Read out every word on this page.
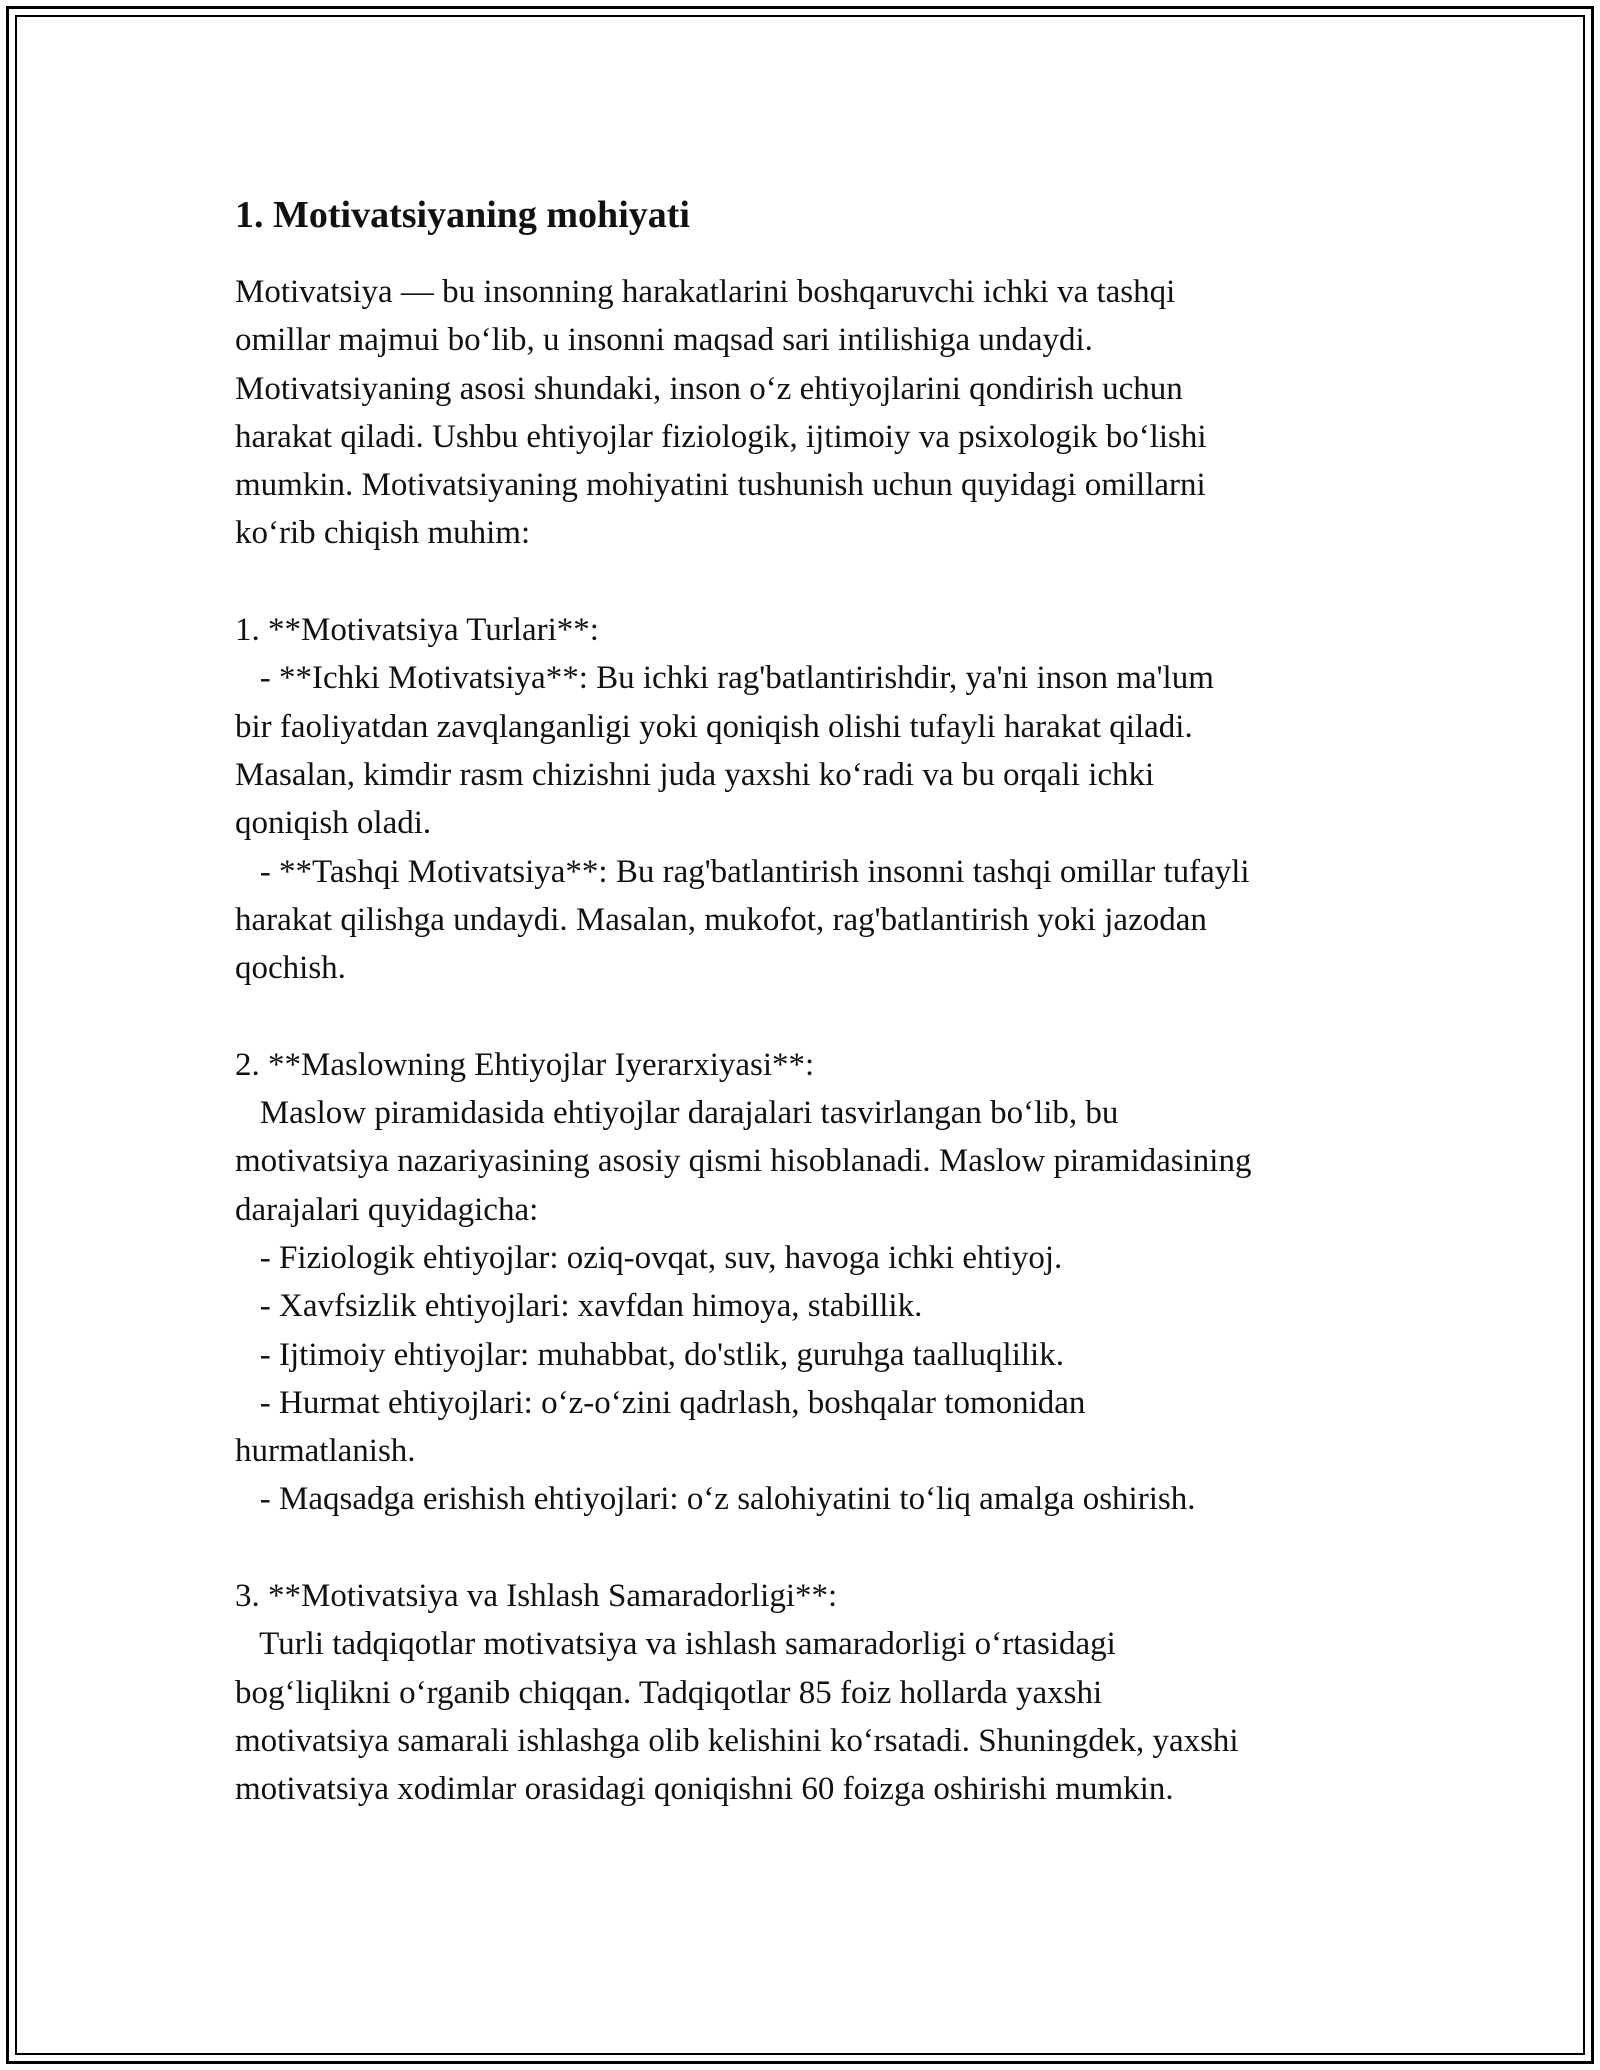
1. Motivatsiyaning mohiyati

Motivatsiya — bu insonning harakatlarini boshqaruvchi ichki va tashqi

omillar majmui boʻlib, u insonni maqsad sari intilishiga undaydi.

Motivatsiyaning asosi shundaki, inson oʻz ehtiyojlarini qondirish uchun

harakat qiladi. Ushbu ehtiyojlar fiziologik, ijtimoiy va psixologik boʻlishi

mumkin. Motivatsiyaning mohiyatini tushunish uchun quyidagi omillarni

koʻrib chiqish muhim:

1. **Motivatsiya Turlari**:

- **Ichki Motivatsiya**: Bu ichki rag'batlantirishdir, ya'ni inson ma'lum

bir faoliyatdan zavqlanganligi yoki qoniqish olishi tufayli harakat qiladi.

Masalan, kimdir rasm chizishni juda yaxshi koʻradi va bu orqali ichki

qoniqish oladi.

- **Tashqi Motivatsiya**: Bu rag'batlantirish insonni tashqi omillar tufayli

harakat qilishga undaydi. Masalan, mukofot, rag'batlantirish yoki jazodan

qochish.

2. **Maslowning Ehtiyojlar Iyerarxiyasi**:

Maslow piramidasida ehtiyojlar darajalari tasvirlangan boʻlib, bu

motivatsiya nazariyasining asosiy qismi hisoblanadi. Maslow piramidasining

darajalari quyidagicha:

- Fiziologik ehtiyojlar: oziq-ovqat, suv, havoga ichki ehtiyoj.

- Xavfsizlik ehtiyojlari: xavfdan himoya, stabillik.

- Ijtimoiy ehtiyojlar: muhabbat, do'stlik, guruhga taalluqlilik.

- Hurmat ehtiyojlari: oʻz-oʻzini qadrlash, boshqalar tomonidan

hurmatlanish.

- Maqsadga erishish ehtiyojlari: oʻz salohiyatini toʻliq amalga oshirish.

3. **Motivatsiya va Ishlash Samaradorligi**:

Turli tadqiqotlar motivatsiya va ishlash samaradorligi oʻrtasidagi

bogʻliqlikni oʻrganib chiqqan. Tadqiqotlar 85 foiz hollarda yaxshi

motivatsiya samarali ishlashga olib kelishini koʻrsatadi. Shuningdek, yaxshi

motivatsiya xodimlar orasidagi qoniqishni 60 foizga oshirishi mumkin.
